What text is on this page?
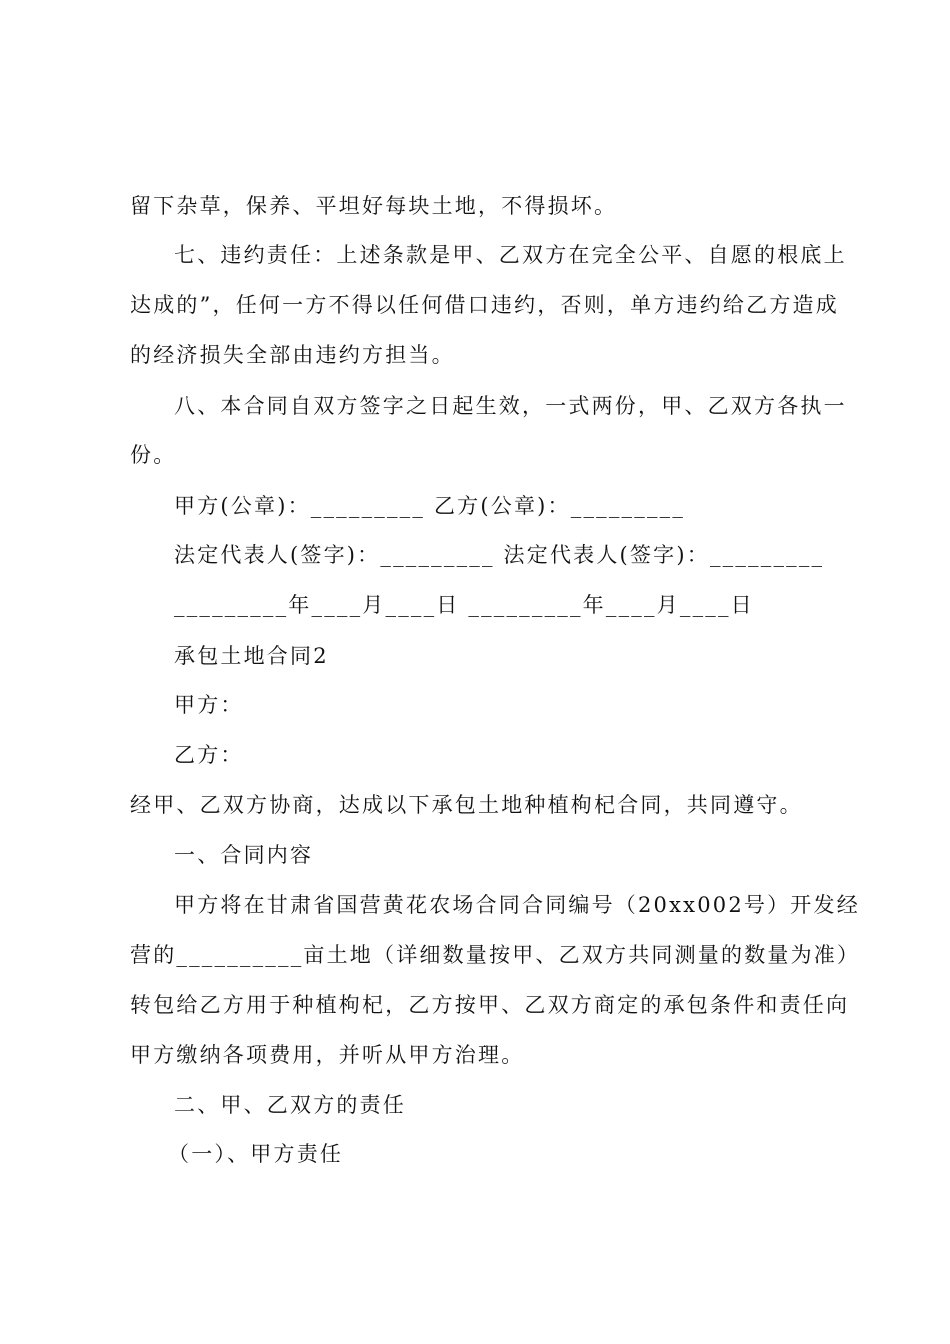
留下杂草，保养、平坦好每块土地，不得损坏。
七、违约责任：上述条款是甲、乙双方在完全公平、自愿的根底上
达成的”，任何一方不得以任何借口违约，否则，单方违约给乙方造成
的经济损失全部由违约方担当。
八、本合同自双方签字之日起生效，一式两份，甲、乙双方各执一
份。
甲方(公章)：_________ 乙方(公章)：_________
法定代表人(签字)：_________ 法定代表人(签字)：_________
_________年____月____日 _________年____月____日
承包土地合同2
甲方：
乙方：
经甲、乙双方协商，达成以下承包土地种植枸杞合同，共同遵守。
一、合同内容
甲方将在甘肃省国营黄花农场合同合同编号（20xx002号）开发经
营的__________亩土地（详细数量按甲、乙双方共同测量的数量为准）
转包给乙方用于种植枸杞，乙方按甲、乙双方商定的承包条件和责任向
甲方缴纳各项费用，并听从甲方治理。
二、甲、乙双方的责任
（一）、甲方责任
